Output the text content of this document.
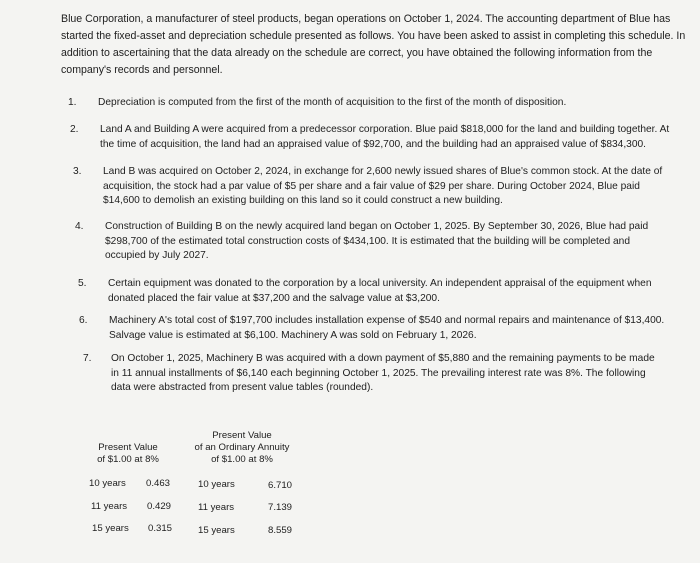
Blue Corporation, a manufacturer of steel products, began operations on October 1, 2024. The accounting department of Blue has started the fixed-asset and depreciation schedule presented as follows. You have been asked to assist in completing this schedule. In addition to ascertaining that the data already on the schedule are correct, you have obtained the following information from the company's records and personnel.
1. Depreciation is computed from the first of the month of acquisition to the first of the month of disposition.
2. Land A and Building A were acquired from a predecessor corporation. Blue paid $818,000 for the land and building together. At the time of acquisition, the land had an appraised value of $92,700, and the building had an appraised value of $834,300.
3. Land B was acquired on October 2, 2024, in exchange for 2,600 newly issued shares of Blue's common stock. At the date of acquisition, the stock had a par value of $5 per share and a fair value of $29 per share. During October 2024, Blue paid $14,600 to demolish an existing building on this land so it could construct a new building.
4. Construction of Building B on the newly acquired land began on October 1, 2025. By September 30, 2026, Blue had paid $298,700 of the estimated total construction costs of $434,100. It is estimated that the building will be completed and occupied by July 2027.
5. Certain equipment was donated to the corporation by a local university. An independent appraisal of the equipment when donated placed the fair value at $37,200 and the salvage value at $3,200.
6. Machinery A's total cost of $197,700 includes installation expense of $540 and normal repairs and maintenance of $13,400. Salvage value is estimated at $6,100. Machinery A was sold on February 1, 2026.
7. On October 1, 2025, Machinery B was acquired with a down payment of $5,880 and the remaining payments to be made in 11 annual installments of $6,140 each beginning October 1, 2025. The prevailing interest rate was 8%. The following data were abstracted from present value tables (rounded).
Present Value
of $1.00 at 8%
Present Value
of an Ordinary Annuity
of $1.00 at 8%
10 years 0.463	10 years	6.710
11 years 0.429	11 years	7.139
15 years 0.315	15 years	8.559
